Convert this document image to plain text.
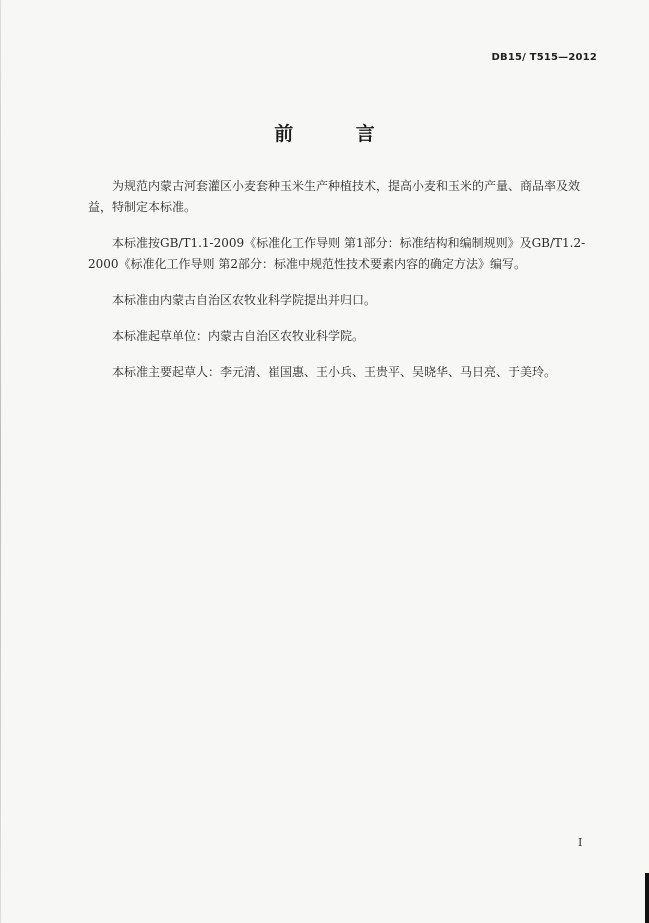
DB15/ T515—2012
前 言

为规范内蒙古河套灌区小麦套种玉米生产种植技术，提高小麦和玉米的产量、商品率及效益，特制定本标准。

本标准按GB/T1.1-2009《标准化工作导则 第1部分：标准结构和编制规则》及GB/T1.2-2000《标准化工作导则 第2部分：标准中规范性技术要素内容的确定方法》编写。

本标准由内蒙古自治区农牧业科学院提出并归口。

本标准起草单位：内蒙古自治区农牧业科学院。

本标准主要起草人：李元清、崔国惠、王小兵、王贵平、吴晓华、马日亮、于美玲。

I
